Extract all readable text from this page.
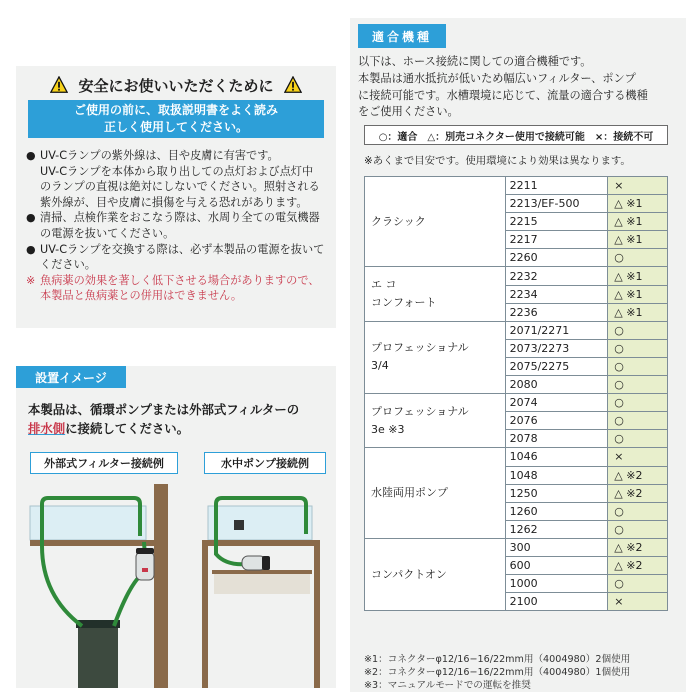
安全にお使いいただくために
ご使用の前に、取扱説明書をよく読み
正しく使用してください。
● UV-Cランプの紫外線は、目や皮膚に有害です。
UV-Cランプを本体から取り出しての点灯および点灯中
のランプの直視は絶対にしないでください。照射される
紫外線が、目や皮膚に損傷を与える恐れがあります。
● 清掃、点検作業をおこなう際は、水周り全ての電気機器
の電源を抜いてください。
● UV-Cランプを交換する際は、必ず本製品の電源を抜いて
ください。
※ 魚病薬の効果を著しく低下させる場合がありますので、
本製品と魚病薬との併用はできません。
設置イメージ
本製品は、循環ポンプまたは外部式フィルターの
排水側に接続してください。
外部式フィルター接続例	水中ポンプ接続例
適合機種
以下は、ホース接続に関しての適合機種です。
本製品は通水抵抗が低いため幅広いフィルター、ポンプ
に接続可能です。水槽環境に応じて、流量の適合する機種
をご使用ください。
○：適合　△：別売コネクター使用で接続可能　×：接続不可
※あくまで目安です。使用環境により効果は異なります。
クラシック	2211	×
	2213/EF-500	△ ※1
	2215	△ ※1
	2217	△ ※1
	2260	○

エ コ
コンフォート	2232	△ ※1
	2234	△ ※1
	2236	△ ※1

プロフェッショナル
3/4	2071/2271	○
	2073/2273	○
	2075/2275	○
	2080	○

プロフェッショナル
3e ※3	2074	○
	2076	○
	2078	○

水陸両用ポンプ	1046	×
	1048	△ ※2
	1250	△ ※2
	1260	○
	1262	○

コンパクトオン	300	△ ※2
	600	△ ※2
	1000	○
	2100	×
※1：コネクターφ12/16−16/22mm用（4004980）2個使用
※2：コネクターφ12/16−16/22mm用（4004980）1個使用
※3：マニュアルモードでの運転を推奨
